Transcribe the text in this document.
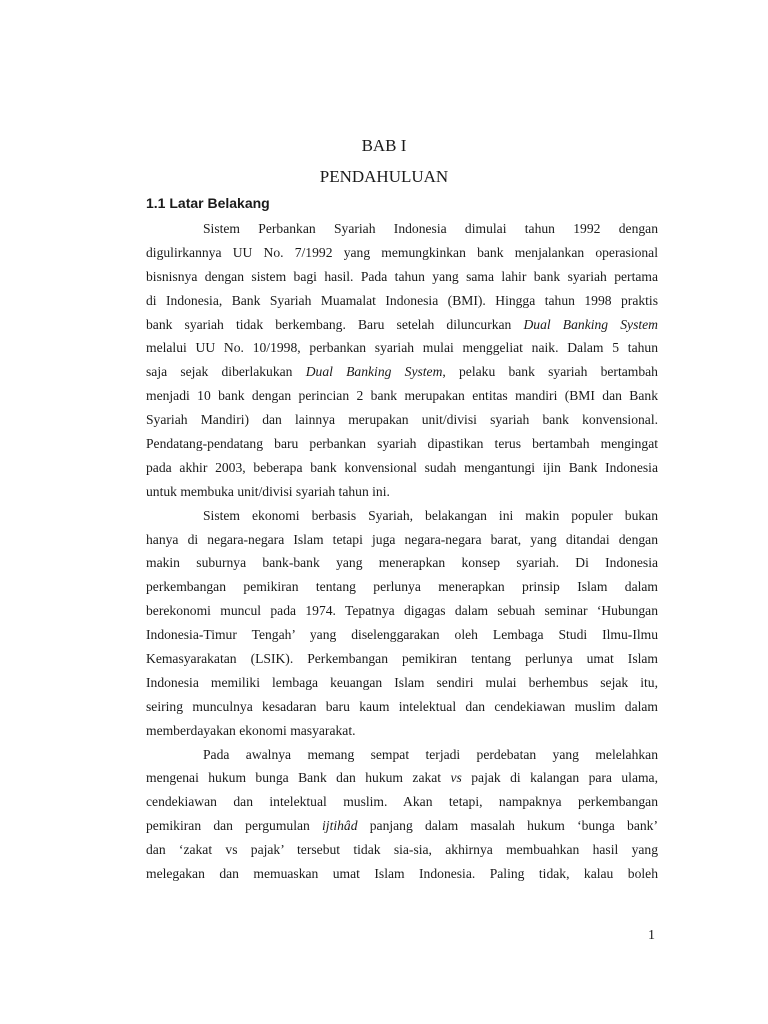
BAB I
PENDAHULUAN
1.1 Latar Belakang
Sistem Perbankan Syariah Indonesia dimulai tahun 1992 dengan
digulirkannya UU No. 7/1992 yang memungkinkan bank menjalankan operasional
bisnisnya dengan sistem bagi hasil. Pada tahun yang sama lahir bank syariah pertama
di Indonesia, Bank Syariah Muamalat Indonesia (BMI). Hingga tahun 1998 praktis
bank syariah tidak berkembang. Baru setelah diluncurkan Dual Banking System
melalui UU No. 10/1998, perbankan syariah mulai menggeliat naik. Dalam 5 tahun
saja sejak diberlakukan Dual Banking System, pelaku bank syariah bertambah
menjadi 10 bank dengan perincian 2 bank merupakan entitas mandiri (BMI dan Bank
Syariah Mandiri) dan lainnya merupakan unit/divisi syariah bank konvensional.
Pendatang-pendatang baru perbankan syariah dipastikan terus bertambah mengingat
pada akhir 2003, beberapa bank konvensional sudah mengantungi ijin Bank Indonesia
untuk membuka unit/divisi syariah tahun ini.
Sistem ekonomi berbasis Syariah, belakangan ini makin populer bukan
hanya di negara-negara Islam tetapi juga negara-negara barat, yang ditandai dengan
makin suburnya bank-bank yang menerapkan konsep syariah. Di Indonesia
perkembangan pemikiran tentang perlunya menerapkan prinsip Islam dalam
berekonomi muncul pada 1974. Tepatnya digagas dalam sebuah seminar ‘Hubungan
Indonesia-Timur Tengah’ yang diselenggarakan oleh Lembaga Studi Ilmu-Ilmu
Kemasyarakatan (LSIK). Perkembangan pemikiran tentang perlunya umat Islam
Indonesia memiliki lembaga keuangan Islam sendiri mulai berhembus sejak itu,
seiring munculnya kesadaran baru kaum intelektual dan cendekiawan muslim dalam
memberdayakan ekonomi masyarakat.
Pada awalnya memang sempat terjadi perdebatan yang melelahkan
mengenai hukum bunga Bank dan hukum zakat vs pajak di kalangan para ulama,
cendekiawan dan intelektual muslim. Akan tetapi, nampaknya perkembangan
pemikiran dan pergumulan ijtihâd panjang dalam masalah hukum ‘bunga bank’
dan ‘zakat vs pajak’ tersebut tidak sia-sia, akhirnya membuahkan hasil yang
melegakan dan memuaskan umat Islam Indonesia. Paling tidak, kalau boleh
1
